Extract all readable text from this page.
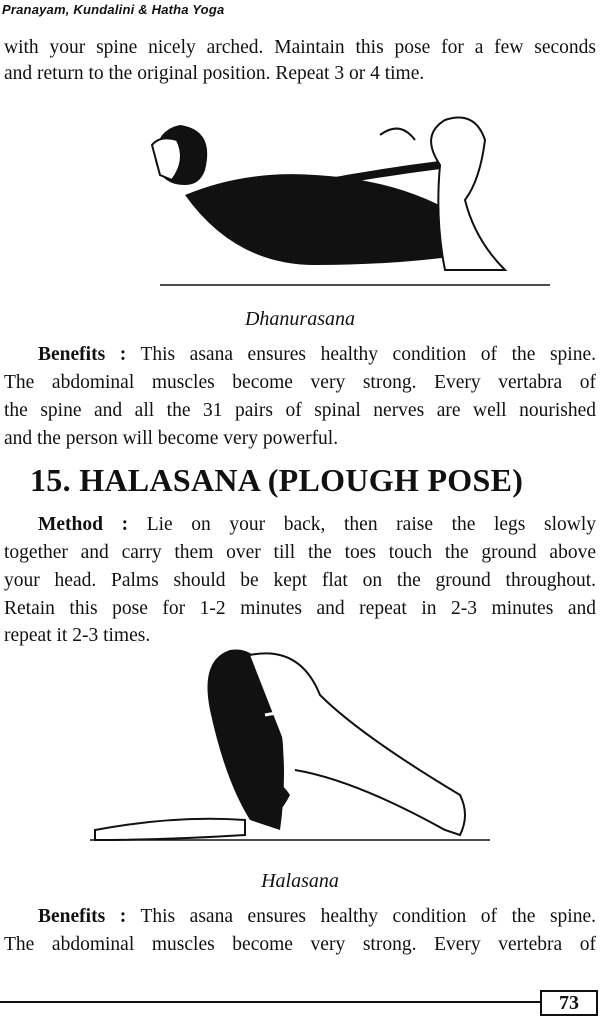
Pranayam, Kundalini & Hatha Yoga
with your spine nicely arched. Maintain this pose for a few seconds
and return to the original position. Repeat 3 or 4 time.
Dhanurasana
Benefits : This asana ensures healthy condition of the spine.
The abdominal muscles become very strong. Every vertabra of
the spine and all the 31 pairs of spinal nerves are well nourished
and the person will become very powerful.
15. HALASANA (PLOUGH POSE)
Method : Lie on your back, then raise the legs slowly
together and carry them over till the toes touch the ground above
your head. Palms should be kept flat on the ground throughout.
Retain this pose for 1-2 minutes and repeat in 2-3 minutes and
repeat it 2-3 times.
Halasana
Benefits : This asana ensures healthy condition of the spine.
The abdominal muscles become very strong. Every vertebra of
73
